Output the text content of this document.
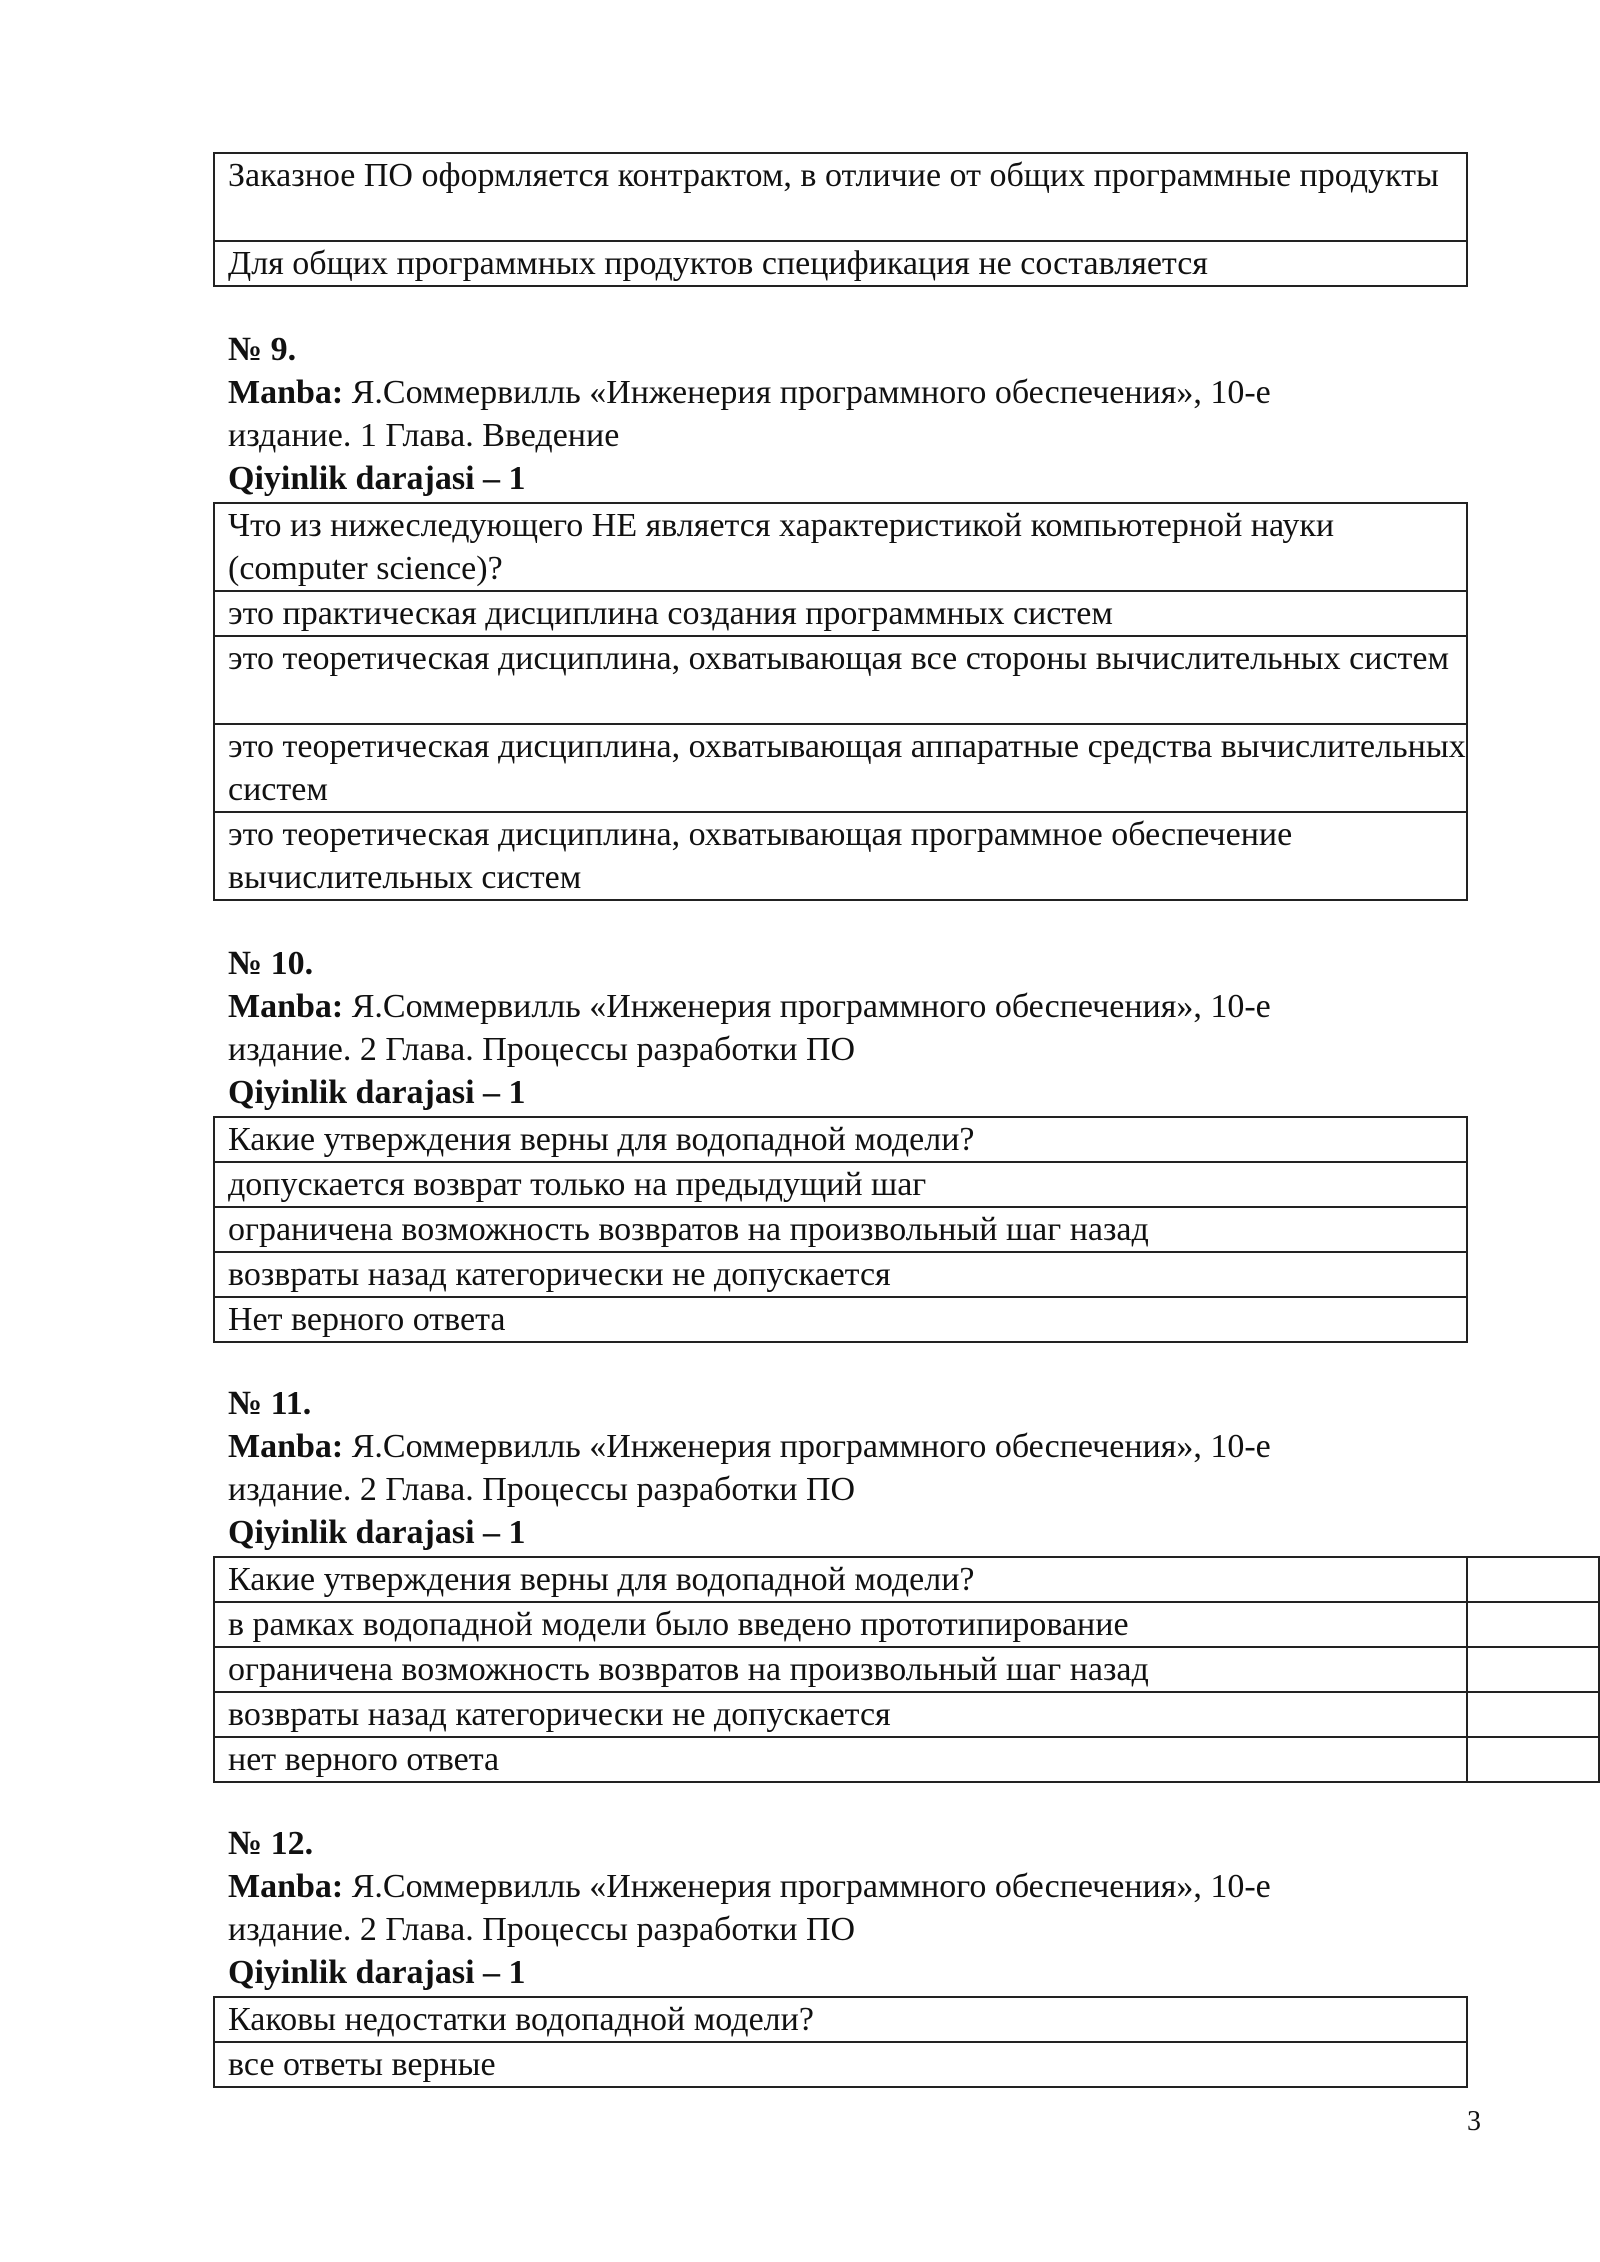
Заказное ПО оформляется контрактом, в отличие от общих программные продукты
Для общих программных продуктов спецификация не составляется
№ 9.
Manba: Я.Соммервилль «Инженерия программного обеспечения», 10-е
издание. 1 Глава. Введение
Qiyinlik darajasi – 1
Что из нижеследующего НЕ является характеристикой компьютерной науки (computer science)?
это практическая дисциплина создания программных систем
это теоретическая дисциплина, охватывающая все стороны вычислительных систем
это теоретическая дисциплина, охватывающая аппаратные средства вычислительных систем
это теоретическая дисциплина, охватывающая программное обеспечение вычислительных систем
№ 10.
Manba: Я.Соммервилль «Инженерия программного обеспечения», 10-е
издание. 2 Глава. Процессы разработки ПО
Qiyinlik darajasi – 1
Какие утверждения верны для водопадной модели?
допускается возврат только на предыдущий шаг
ограничена возможность возвратов на произвольный шаг назад
возвраты назад категорически не допускается
Нет верного ответа
№ 11.
Manba: Я.Соммервилль «Инженерия программного обеспечения», 10-е
издание. 2 Глава. Процессы разработки ПО
Qiyinlik darajasi – 1
Какие утверждения верны для водопадной модели?	
в рамках водопадной модели было введено прототипирование	
ограничена возможность возвратов на произвольный шаг назад	
возвраты назад категорически не допускается	
нет верного ответа	
№ 12.
Manba: Я.Соммервилль «Инженерия программного обеспечения», 10-е
издание. 2 Глава. Процессы разработки ПО
Qiyinlik darajasi – 1
Каковы недостатки водопадной модели?
все ответы верные
3
